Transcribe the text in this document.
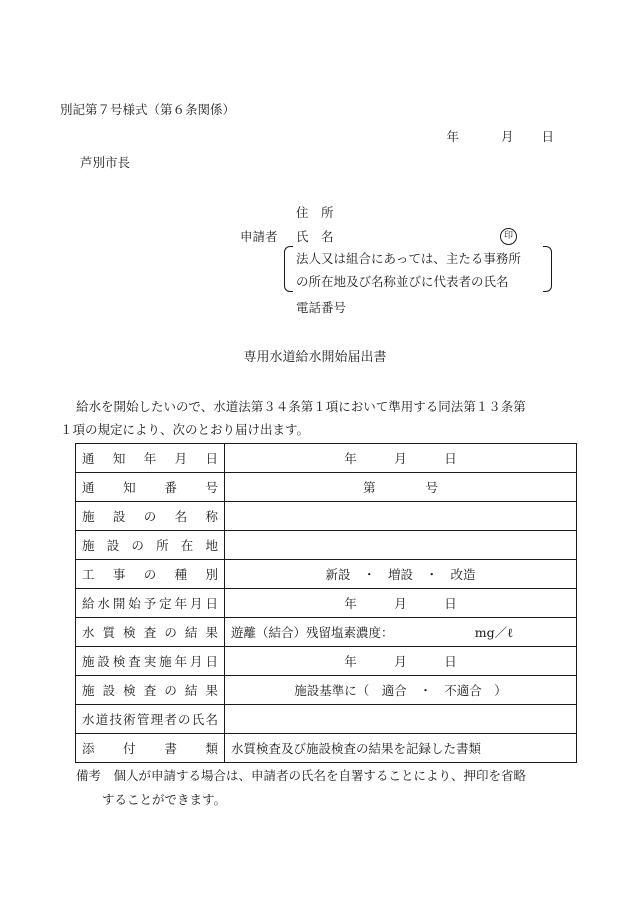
別記第７号様式（第６条関係）
年	月 日
芦別市長
住　所
申請者 氏　名	印
法人又は組合にあっては、主たる事務所
の所在地及び名称並びに代表者の氏名
電話番号
専用水道給水開始届出書
給水を開始したいので、水道法第３４条第１項において準用する同法第１３条第
１項の規定により、次のとおり届け出ます。
通知年月日	年　　　月　　　日

通知番号	第　　　　号

施設の名称	

施設の所在地	

工事の種別	新設　・　増設　・　改造

給水開始予定年月日	年　　　月　　　日

水質検査の結果	遊離（結合）残留塩素濃度：　　　　　　　mg／ℓ

施設検査実施年月日	年　　　月　　　日

施設検査の結果	施設基準に（　適合　・　不適合　）

水道技術管理者の氏名	

添付書類	水質検査及び施設検査の結果を記録した書類
備考　個人が申請する場合は、申請者の氏名を自署することにより、押印を省略
することができます。
